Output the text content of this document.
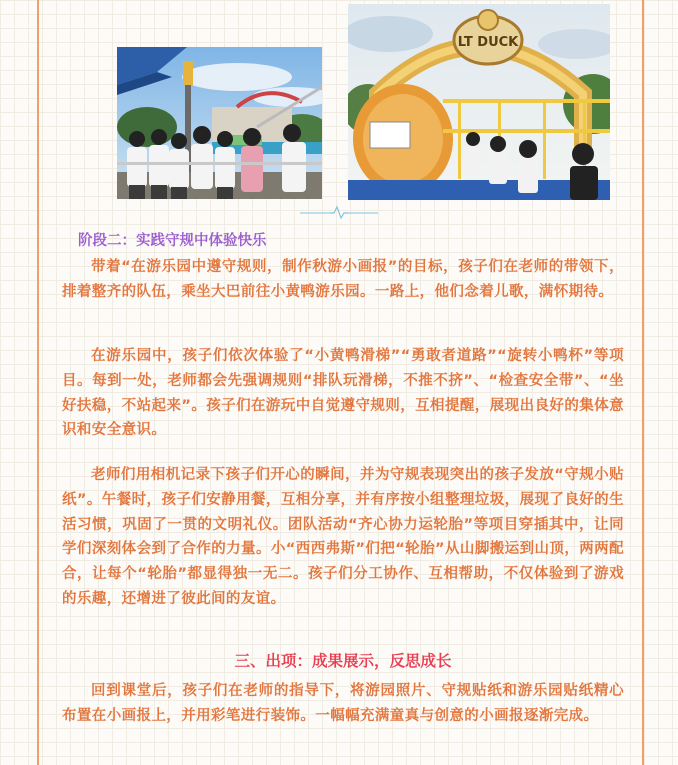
LT DUCK
阶段二：实践守规中体验快乐

带着“在游乐园中遵守规则，制作秋游小画报”的目标，孩子们在老师的带领下，排着整齐的队伍，乘坐大巴前往小黄鸭游乐园。一路上，他们念着儿歌，满怀期待。

在游乐园中，孩子们依次体验了“小黄鸭滑梯”“勇敢者道路”“旋转小鸭杯”等项目。每到一处，老师都会先强调规则“排队玩滑梯，不推不挤”、“检查安全带”、“坐好扶稳，不站起来”。孩子们在游玩中自觉遵守规则，互相提醒，展现出良好的集体意识和安全意识。

老师们用相机记录下孩子们开心的瞬间，并为守规表现突出的孩子发放“守规小贴纸”。午餐时，孩子们安静用餐，互相分享，并有序按小组整理垃圾，展现了良好的生活习惯，巩固了一贯的文明礼仪。团队活动“齐心协力运轮胎”等项目穿插其中，让同学们深刻体会到了合作的力量。小“西西弗斯”们把“轮胎”从山脚搬运到山顶，两两配合，让每个“轮胎”都显得独一无二。孩子们分工协作、互相帮助，不仅体验到了游戏的乐趣，还增进了彼此间的友谊。

三、出项：成果展示，反思成长

回到课堂后，孩子们在老师的指导下，将游园照片、守规贴纸和游乐园贴纸精心布置在小画报上，并用彩笔进行装饰。一幅幅充满童真与创意的小画报逐渐完成。
